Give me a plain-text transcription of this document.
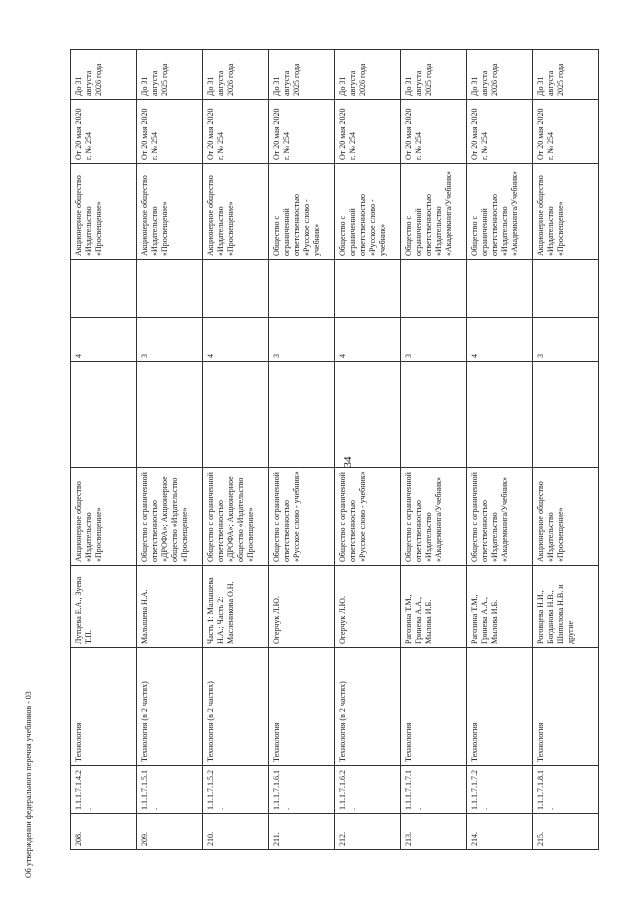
208.	1.1.1.7.1.4.2.	Технология	Лутцева Е.А., Зуева Т.П.	Акционерное общество «Издательство «Просвещение»		4		Акционерное общество «Издательство «Просвещение»	От 20 мая 2020 г. № 254	До 31 августа 2026 года
209.	1.1.1.7.1.5.1.	Технология (в 2 частях)	Малышева Н.А.	Общество с ограниченной ответственностью «ДРОФА»; Акционерное общество «Издательство «Просвещение»		3		Акционерное общество «Издательство «Просвещение»	От 20 мая 2020 г. № 254	До 31 августа 2025 года
210.	1.1.1.7.1.5.2.	Технология (в 2 частях)	Часть 1: Малышева Н.А.; Часть 2: Масленикова О.Н.	Общество с ограниченной ответственностью «ДРОФА»; Акционерное общество «Издательство «Просвещение»		4		Акционерное общество «Издательство «Просвещение»	От 20 мая 2020 г. № 254	До 31 августа 2026 года
211.	1.1.1.7.1.6.1.	Технология	Огерчук Л.Ю.	Общество с ограниченной ответственностью «Русское слово - учебник»		3		Общество с ограниченной ответственностью «Русское слово - учебник»	От 20 мая 2020 г. № 254	До 31 августа 2025 года
212.	1.1.1.7.1.6.2.	Технология (в 2 частях)	Огерчук Л.Ю.	Общество с ограниченной ответственностью «Русское слово - учебник»		4		Общество с ограниченной ответственностью «Русское слово - учебник»	От 20 мая 2020 г. № 254	До 31 августа 2026 года
213.	1.1.1.7.1.7.1.	Технология	Рагозина Т.М., Гринева А.А., Мылова И.Б.	Общество с ограниченной ответственностью «Издательство «Академкнига/Учебник»		3		Общество с ограниченной ответственностью «Издательство «Академкнига/Учебник»	От 20 мая 2020 г. № 254	До 31 августа 2025 года
214.	1.1.1.7.1.7.2.	Технология	Рагозина Т.М., Гринева А.А., Мылова И.Б.	Общество с ограниченной ответственностью «Издательство «Академкнига/Учебник»		4		Общество с ограниченной ответственностью «Издательство «Академкнига/Учебник»	От 20 мая 2020 г. № 254	До 31 августа 2026 года
215.	1.1.1.7.1.8.1.	Технология	Роговцева Н.И., Богданова Н.В., Шипилова Н.В. и другие	Акционерное общество «Издательство «Просвещение»		3		Акционерное общество «Издательство «Просвещение»	От 20 мая 2020 г. № 254	До 31 августа 2025 года
34
Об утверждении федерального перечня учебников - 03
